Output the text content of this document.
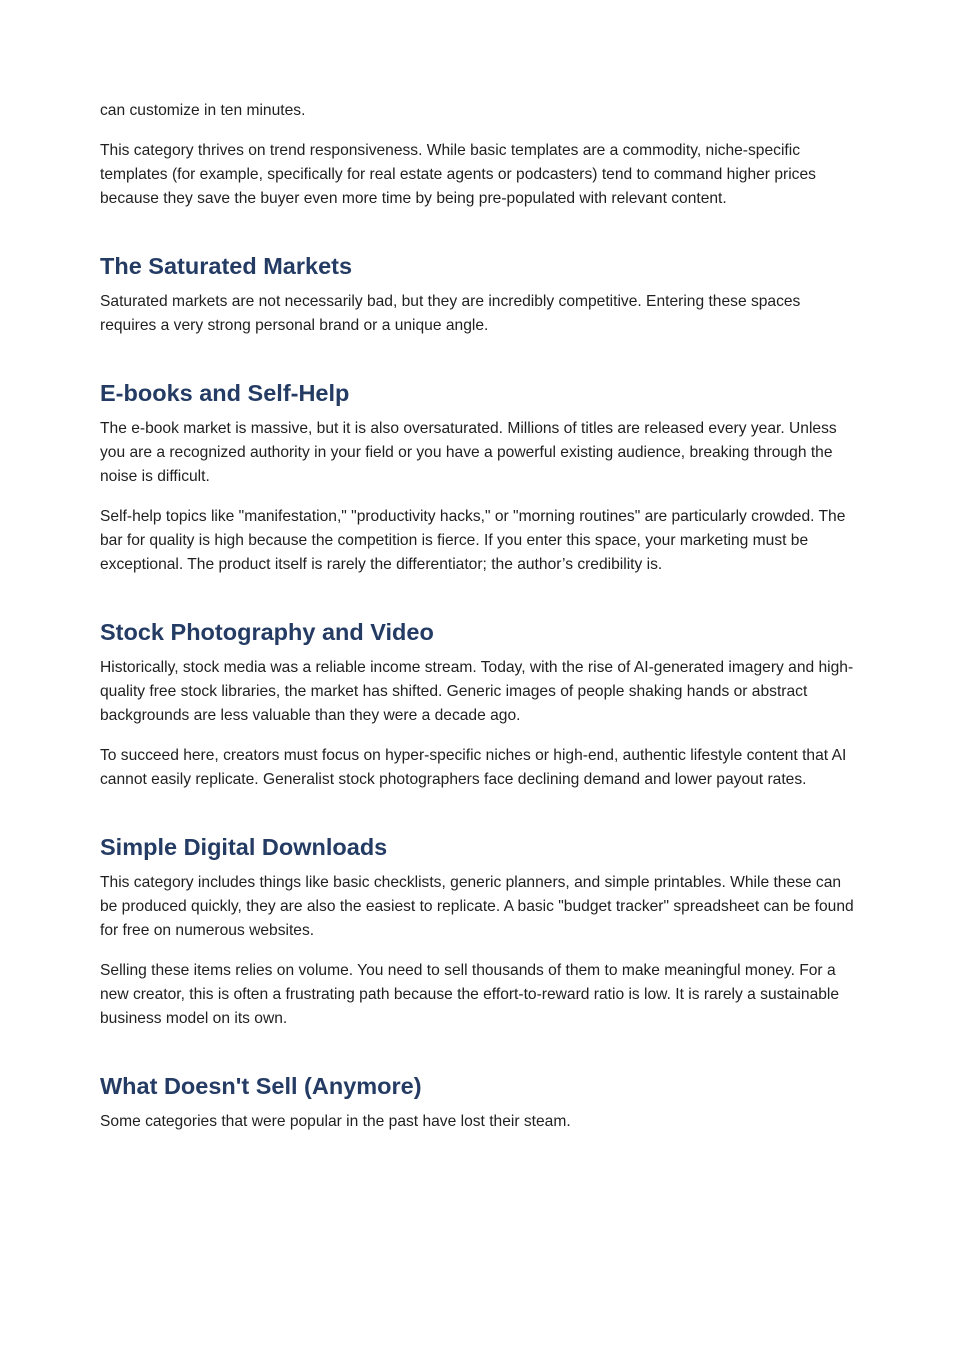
can customize in ten minutes.

This category thrives on trend responsiveness. While basic templates are a commodity, niche-specific templates (for example, specifically for real estate agents or podcasters) tend to command higher prices because they save the buyer even more time by being pre-populated with relevant content.

The Saturated Markets

Saturated markets are not necessarily bad, but they are incredibly competitive. Entering these spaces requires a very strong personal brand or a unique angle.

E-books and Self-Help

The e-book market is massive, but it is also oversaturated. Millions of titles are released every year. Unless you are a recognized authority in your field or you have a powerful existing audience, breaking through the noise is difficult.

Self-help topics like "manifestation," "productivity hacks," or "morning routines" are particularly crowded. The bar for quality is high because the competition is fierce. If you enter this space, your marketing must be exceptional. The product itself is rarely the differentiator; the author’s credibility is.

Stock Photography and Video

Historically, stock media was a reliable income stream. Today, with the rise of AI-generated imagery and high-quality free stock libraries, the market has shifted. Generic images of people shaking hands or abstract backgrounds are less valuable than they were a decade ago.

To succeed here, creators must focus on hyper-specific niches or high-end, authentic lifestyle content that AI cannot easily replicate. Generalist stock photographers face declining demand and lower payout rates.

Simple Digital Downloads

This category includes things like basic checklists, generic planners, and simple printables. While these can be produced quickly, they are also the easiest to replicate. A basic "budget tracker" spreadsheet can be found for free on numerous websites.

Selling these items relies on volume. You need to sell thousands of them to make meaningful money. For a new creator, this is often a frustrating path because the effort-to-reward ratio is low. It is rarely a sustainable business model on its own.

What Doesn't Sell (Anymore)

Some categories that were popular in the past have lost their steam.
